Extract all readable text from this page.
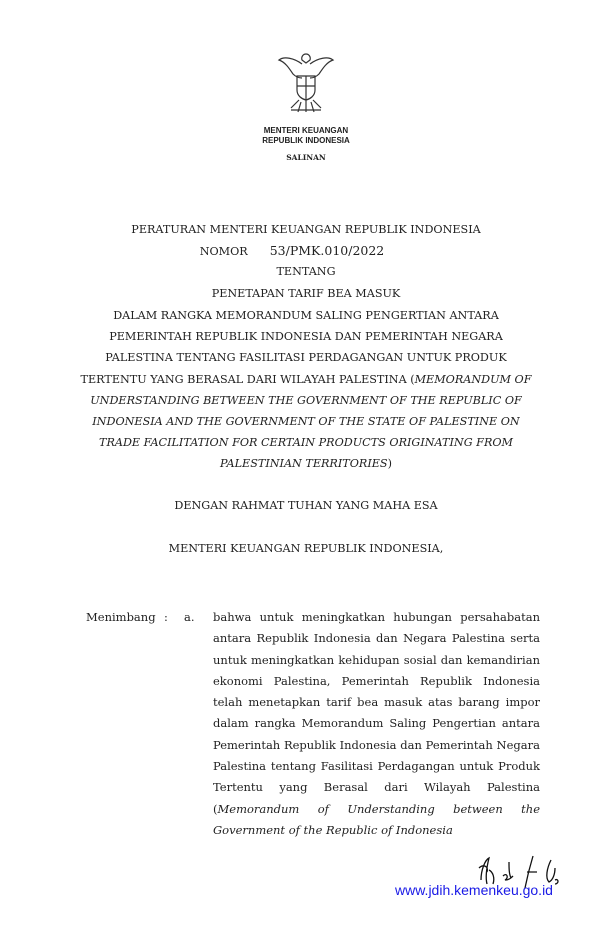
MENTERI KEUANGAN
REPUBLIK INDONESIA
SALINAN
PERATURAN MENTERI KEUANGAN REPUBLIK INDONESIA
NOMOR 53/PMK.010/2022
TENTANG
PENETAPAN TARIF BEA MASUK
DALAM RANGKA MEMORANDUM SALING PENGERTIAN ANTARA
PEMERINTAH REPUBLIK INDONESIA DAN PEMERINTAH NEGARA
PALESTINA TENTANG FASILITASI PERDAGANGAN UNTUK PRODUK
TERTENTU YANG BERASAL DARI WILAYAH PALESTINA (MEMORANDUM OF
UNDERSTANDING BETWEEN THE GOVERNMENT OF THE REPUBLIC OF
INDONESIA AND THE GOVERNMENT OF THE STATE OF PALESTINE ON
TRADE FACILITATION FOR CERTAIN PRODUCTS ORIGINATING FROM
PALESTINIAN TERRITORIES)
DENGAN RAHMAT TUHAN YANG MAHA ESA
MENTERI KEUANGAN REPUBLIK INDONESIA,
Menimbang : a. bahwa untuk meningkatkan hubungan persahabatan antara Republik Indonesia dan Negara Palestina serta untuk meningkatkan kehidupan sosial dan kemandirian ekonomi Palestina, Pemerintah Republik Indonesia telah menetapkan tarif bea masuk atas barang impor dalam rangka Memorandum Saling Pengertian antara Pemerintah Republik Indonesia dan Pemerintah Negara Palestina tentang Fasilitasi Perdagangan untuk Produk Tertentu yang Berasal dari Wilayah Palestina (Memorandum of Understanding between the Government of the Republic of Indonesia
www.jdih.kemenkeu.go.id
